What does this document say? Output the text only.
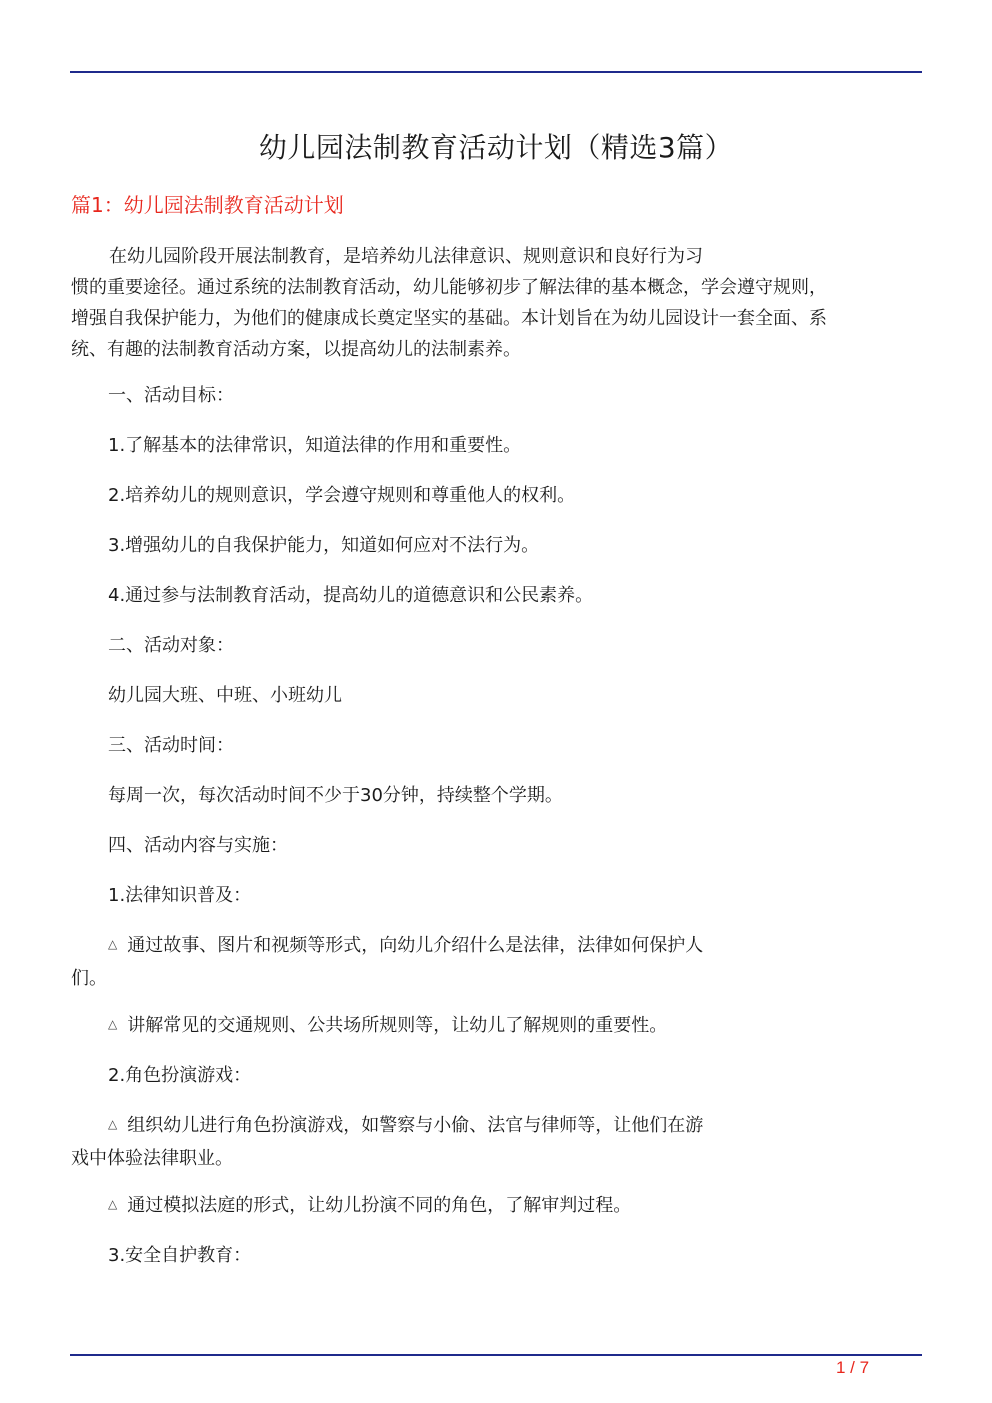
幼儿园法制教育活动计划（精选3篇）
篇1：幼儿园法制教育活动计划
在幼儿园阶段开展法制教育，是培养幼儿法律意识、规则意识和良好行为习
惯的重要途径。通过系统的法制教育活动，幼儿能够初步了解法律的基本概念，学会遵守规则，
增强自我保护能力，为他们的健康成长奠定坚实的基础。本计划旨在为幼儿园设计一套全面、系
统、有趣的法制教育活动方案，以提高幼儿的法制素养。
一、活动目标：
1.了解基本的法律常识，知道法律的作用和重要性。
2.培养幼儿的规则意识，学会遵守规则和尊重他人的权利。
3.增强幼儿的自我保护能力，知道如何应对不法行为。
4.通过参与法制教育活动，提高幼儿的道德意识和公民素养。
二、活动对象：
幼儿园大班、中班、小班幼儿
三、活动时间：
每周一次，每次活动时间不少于30分钟，持续整个学期。
四、活动内容与实施：
1.法律知识普及：
△ 通过故事、图片和视频等形式，向幼儿介绍什么是法律，法律如何保护人
们。
△ 讲解常见的交通规则、公共场所规则等，让幼儿了解规则的重要性。
2.角色扮演游戏：
△ 组织幼儿进行角色扮演游戏，如警察与小偷、法官与律师等，让他们在游
戏中体验法律职业。
△ 通过模拟法庭的形式，让幼儿扮演不同的角色，了解审判过程。
3.安全自护教育：
1 / 7
